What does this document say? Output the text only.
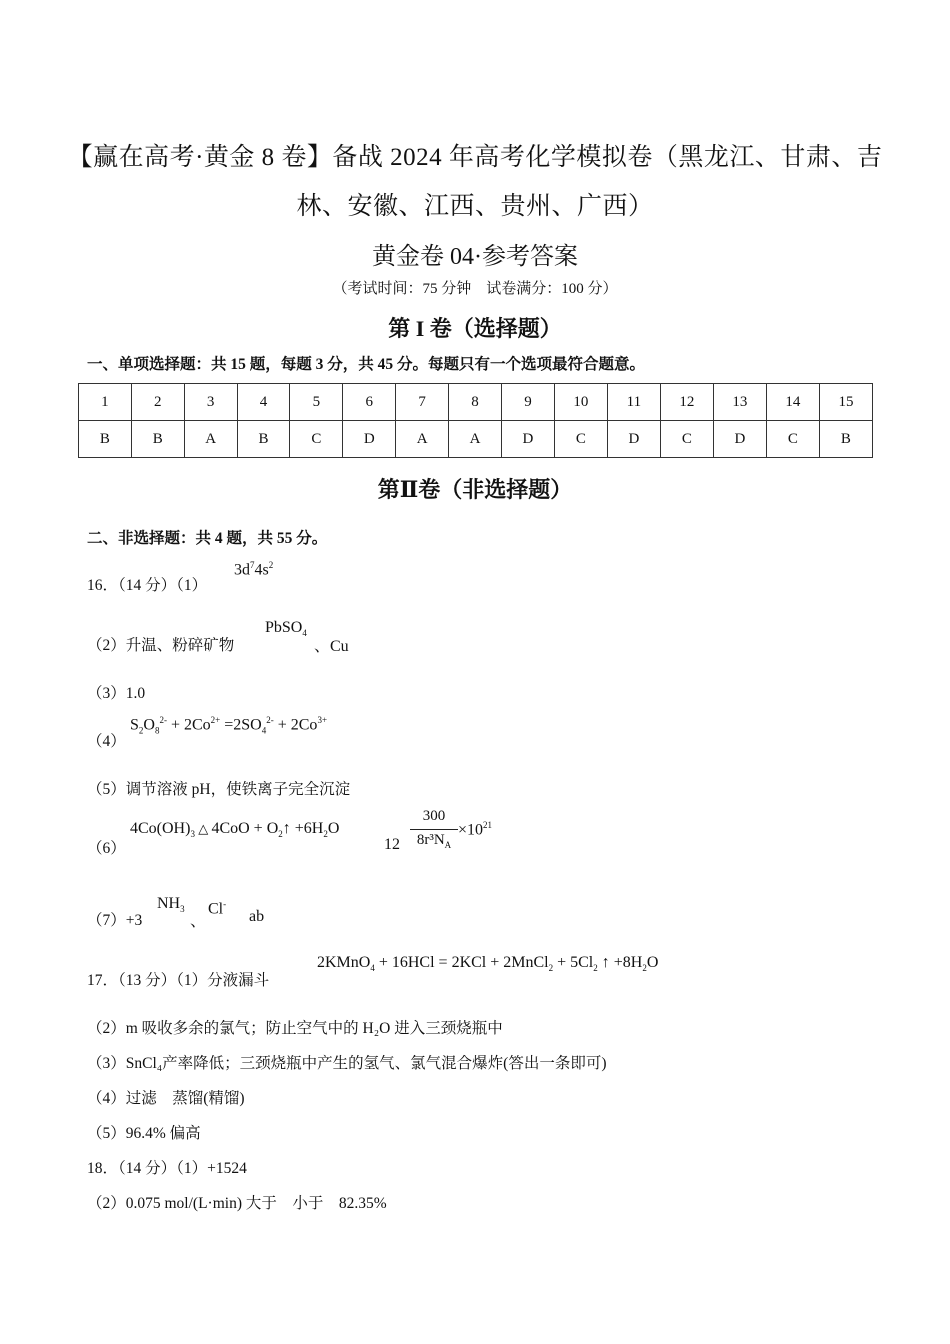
【赢在高考·黄金 8 卷】备战 2024 年高考化学模拟卷（黑龙江、甘肃、吉
林、安徽、江西、贵州、广西）
黄金卷 04·参考答案
（考试时间：75 分钟　试卷满分：100 分）
第 I 卷（选择题）
一、单项选择题：共 15 题，每题 3 分，共 45 分。每题只有一个选项最符合题意。
1	2	3	4	5	6	7	8	9	10	11	12	13	14	15
B	B	A	B	C	D	A	A	D	C	D	C	D	C	B
第Ⅱ卷（非选择题）
二、非选择题：共 4 题，共 55 分。
16．（14 分）（1）
$3d^74s^2$
（2）升温、粉碎矿物
PbSO$_4$
、Cu
（3）1.0
（4）
$S_2O_8^{2-} + 2Co^{2+} =2SO_4^{2-} + 2Co^{3+}$
（5）调节溶液 pH，使铁离子完全沉淀
（6）
$4Co(OH)_3$ △ $4CoO + O_2↑ +6H_2O$
12
300
$8r^3N_A$
$\times 10^{21}$
（7）+3
$NH_3$
、
Cl-
ab
17．（13 分）（1）分液漏斗
2KMnO$_4$ + 16HCl = 2KCl + 2MnCl$_2$ + $5Cl_2$ ↑ $+8H_2O$
（2）m 吸收多余的氯气；防止空气中的 H₂O 进入三颈烧瓶中
（3）SnCl₄产率降低；三颈烧瓶中产生的氢气、氯气混合爆炸(答出一条即可)
（4）过滤　蒸馏(精馏)
（5）96.4% 偏高
18．（14 分）（1）+1524
（2）0.075 mol/(L·min) 大于　小于　82.35%
